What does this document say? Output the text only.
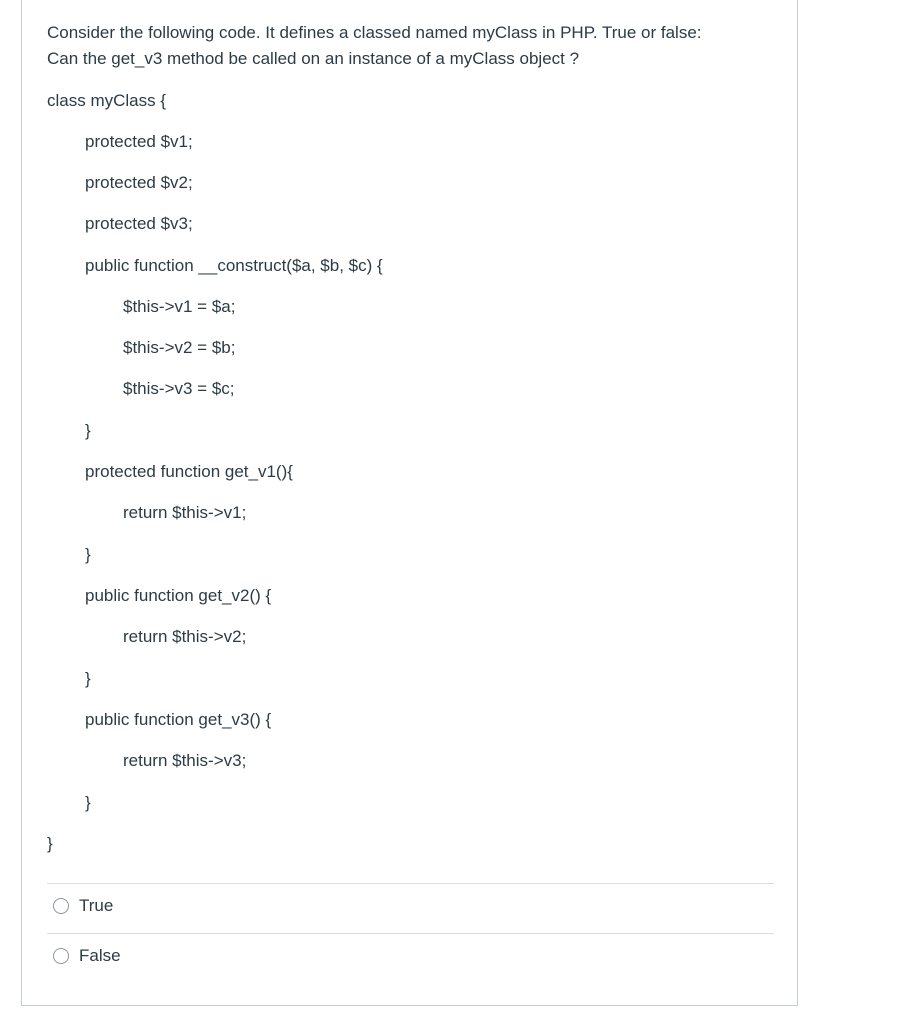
Consider the following code. It defines a classed named myClass in PHP. True or false:

Can the get_v3 method be called on an instance of a myClass object ?

class myClass {

protected $v1;

protected $v2;

protected $v3;

public function __construct($a, $b, $c) {

$this->v1 = $a;

$this->v2 = $b;

$this->v3 = $c;

}

protected function get_v1(){

return $this->v1;

}

public function get_v2() {

return $this->v2;

}

public function get_v3() {

return $this->v3;

}

}

True
False
